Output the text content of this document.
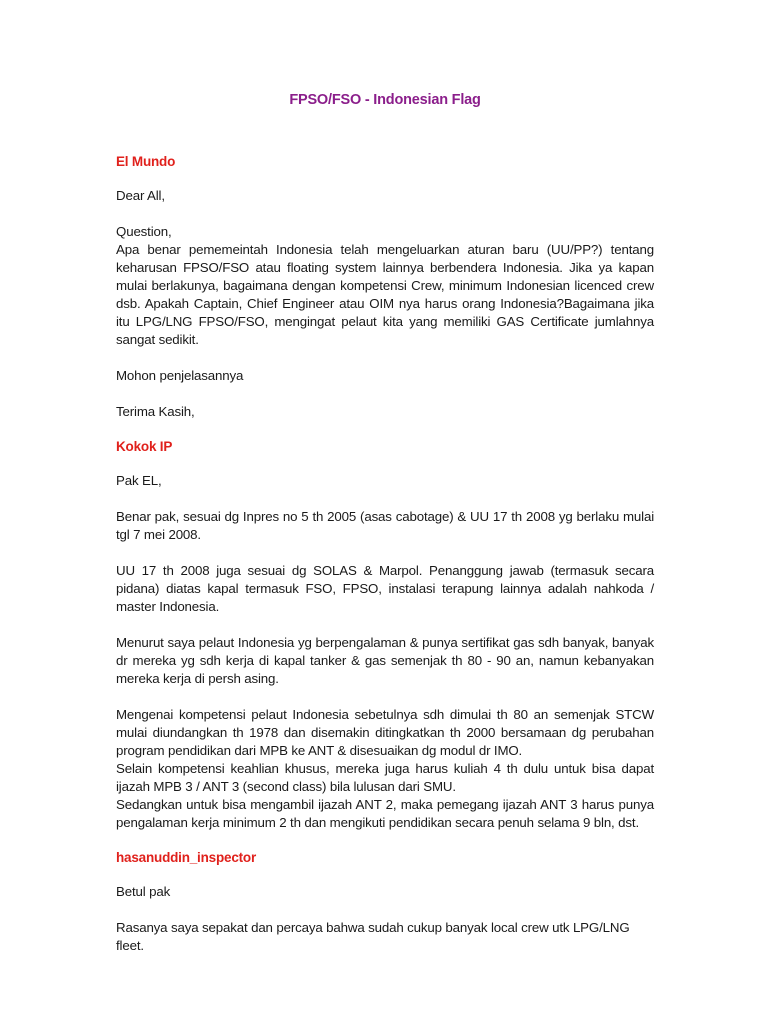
FPSO/FSO - Indonesian Flag
El Mundo
Dear All,
Question,
Apa benar pememeintah Indonesia telah mengeluarkan aturan baru (UU/PP?) tentang keharusan FPSO/FSO atau floating system lainnya berbendera Indonesia. Jika ya kapan mulai berlakunya, bagaimana dengan kompetensi Crew, minimum Indonesian licenced crew dsb. Apakah Captain, Chief Engineer atau OIM nya harus orang Indonesia?Bagaimana jika itu LPG/LNG FPSO/FSO, mengingat pelaut kita yang memiliki GAS Certificate jumlahnya sangat sedikit.
Mohon penjelasannya
Terima Kasih,
Kokok IP
Pak EL,
Benar pak, sesuai dg Inpres no 5 th 2005 (asas cabotage) & UU 17 th 2008 yg berlaku mulai tgl 7 mei 2008.
UU 17 th 2008 juga sesuai dg SOLAS & Marpol. Penanggung jawab (termasuk secara pidana) diatas kapal termasuk FSO, FPSO, instalasi terapung lainnya adalah nahkoda / master Indonesia.
Menurut saya pelaut Indonesia yg berpengalaman & punya sertifikat gas sdh banyak, banyak dr mereka yg sdh kerja di kapal tanker & gas semenjak th 80 - 90 an, namun kebanyakan mereka kerja di persh asing.
Mengenai kompetensi pelaut Indonesia sebetulnya sdh dimulai th 80 an semenjak STCW mulai diundangkan th 1978 dan disemakin ditingkatkan th 2000 bersamaan dg perubahan program pendidikan dari MPB ke ANT & disesuaikan dg modul dr IMO.
Selain kompetensi keahlian khusus, mereka juga harus kuliah 4 th dulu untuk bisa dapat ijazah MPB 3 / ANT 3 (second class) bila lulusan dari SMU.
Sedangkan untuk bisa mengambil ijazah ANT 2, maka pemegang ijazah ANT 3 harus punya pengalaman kerja minimum 2 th dan mengikuti pendidikan secara penuh selama 9 bln, dst.
hasanuddin_inspector
Betul pak
Rasanya saya sepakat dan percaya bahwa sudah cukup banyak local crew utk LPG/LNG fleet.
